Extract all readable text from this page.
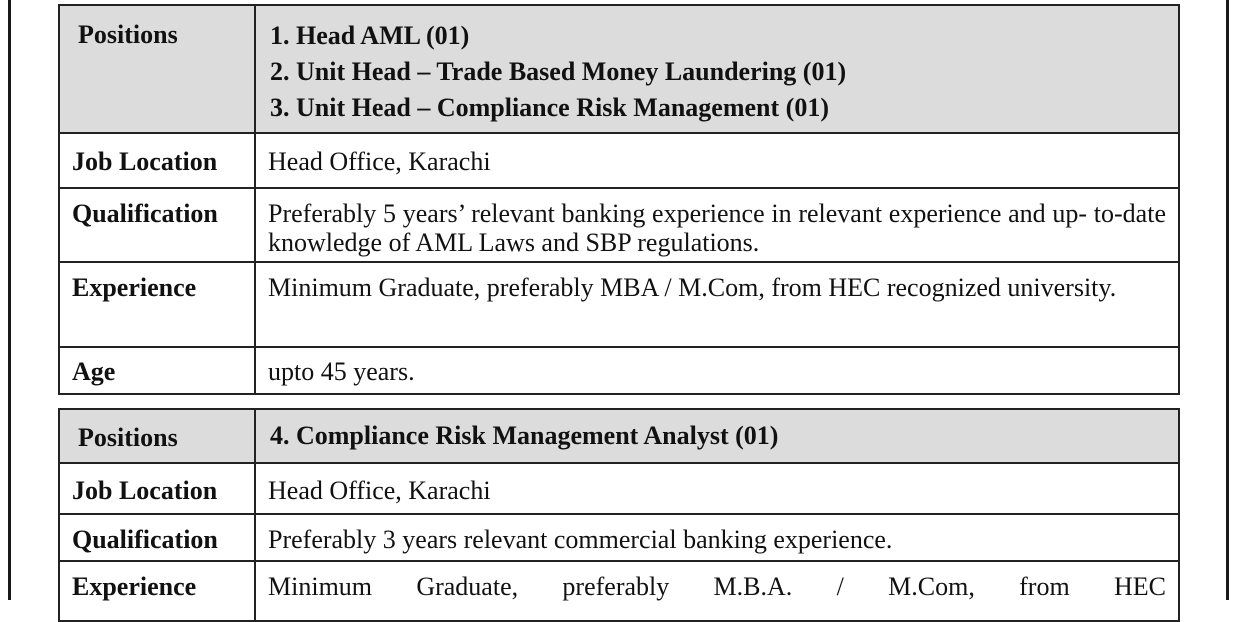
Positions	1. Head AML (01)
2. Unit Head – Trade Based Money Laundering (01)
3. Unit Head – Compliance Risk Management (01)

Job Location	Head Office, Karachi
Qualification	Preferably 5 years’ relevant banking experience in relevant experience and up- to-date knowledge of AML Laws and SBP regulations.
Experience	Minimum Graduate, preferably MBA / M.Com, from HEC recognized university.
Age	upto 45 years.
Positions	4. Compliance Risk Management Analyst (01)

Job Location	Head Office, Karachi
Qualification	Preferably 3 years relevant commercial banking experience.
Experience	Minimum Graduate, preferably M.B.A. / M.Com, from HEC
